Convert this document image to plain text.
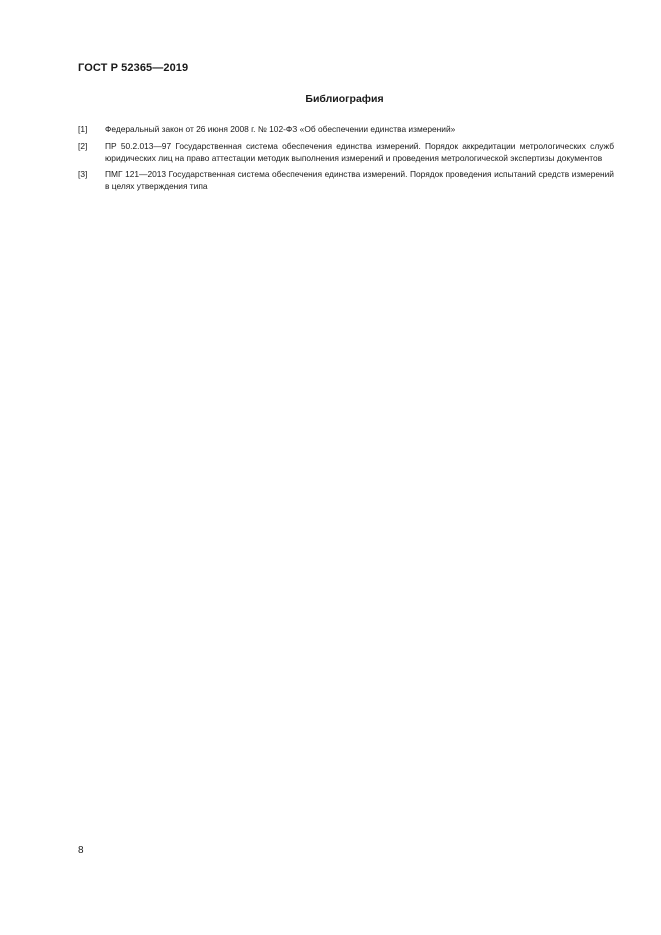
ГОСТ Р 52365—2019
Библиография
[1]	Федеральный закон от 26 июня 2008 г. № 102-ФЗ «Об обеспечении единства измерений»
[2]	ПР 50.2.013—97 Государственная система обеспечения единства измерений. Порядок аккредитации метрологических служб юридических лиц на право аттестации методик выполнения измерений и проведения метрологической экспертизы документов
[3]	ПМГ 121—2013 Государственная система обеспечения единства измерений. Порядок проведения испытаний средств измерений в целях утверждения типа
8
